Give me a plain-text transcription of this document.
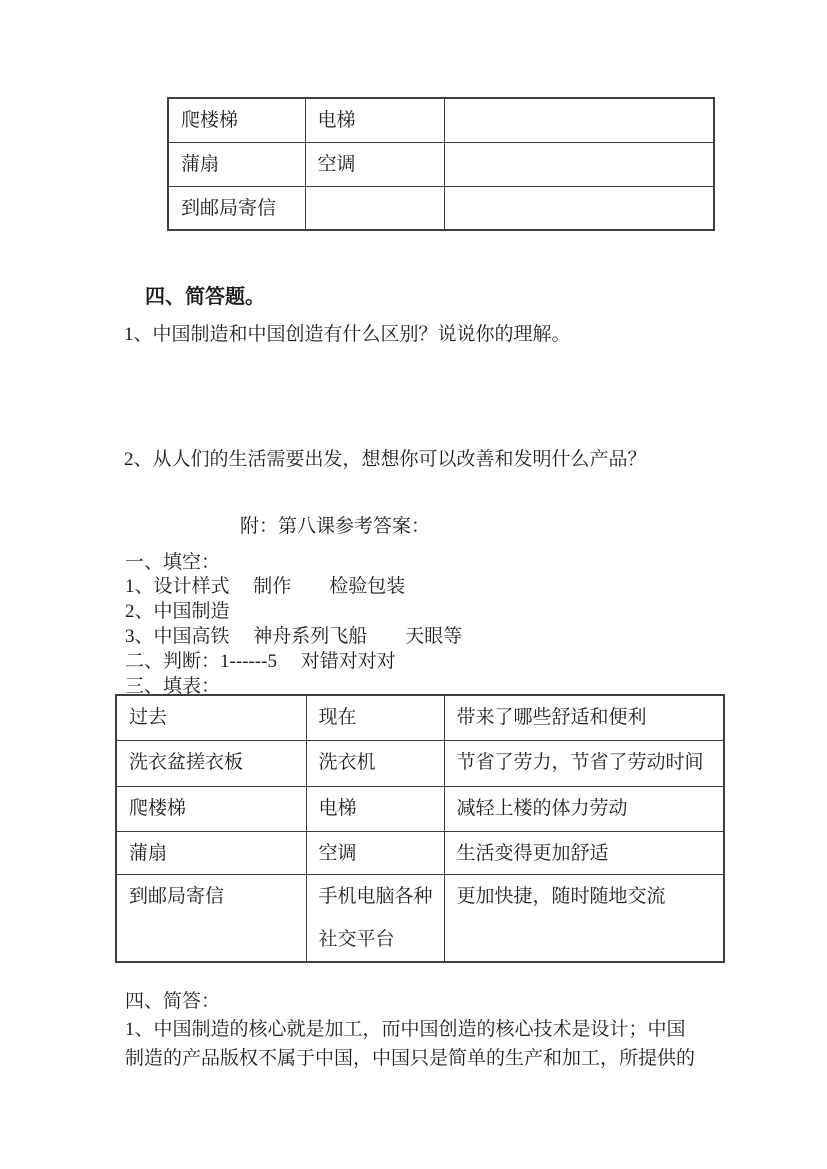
爬楼梯	电梯	
蒲扇	空调	
到邮局寄信		
四、简答题。
1、中国制造和中国创造有什么区别？说说你的理解。
2、从人们的生活需要出发，想想你可以改善和发明什么产品？
附：第八课参考答案：
一、填空：
1、设计样式　 制作　　检验包装
2、中国制造
3、中国高铁　 神舟系列飞船　　天眼等
二、判断：1------5　 对错对对对
三、填表：
过去	现在	带来了哪些舒适和便利
洗衣盆搓衣板	洗衣机	节省了劳力，节省了劳动时间
爬楼梯	电梯	减轻上楼的体力劳动
蒲扇	空调	生活变得更加舒适
到邮局寄信	手机电脑各种社交平台	更加快捷，随时随地交流
四、简答：
1、中国制造的核心就是加工，而中国创造的核心技术是设计；中国
制造的产品版权不属于中国，中国只是简单的生产和加工，所提供的
